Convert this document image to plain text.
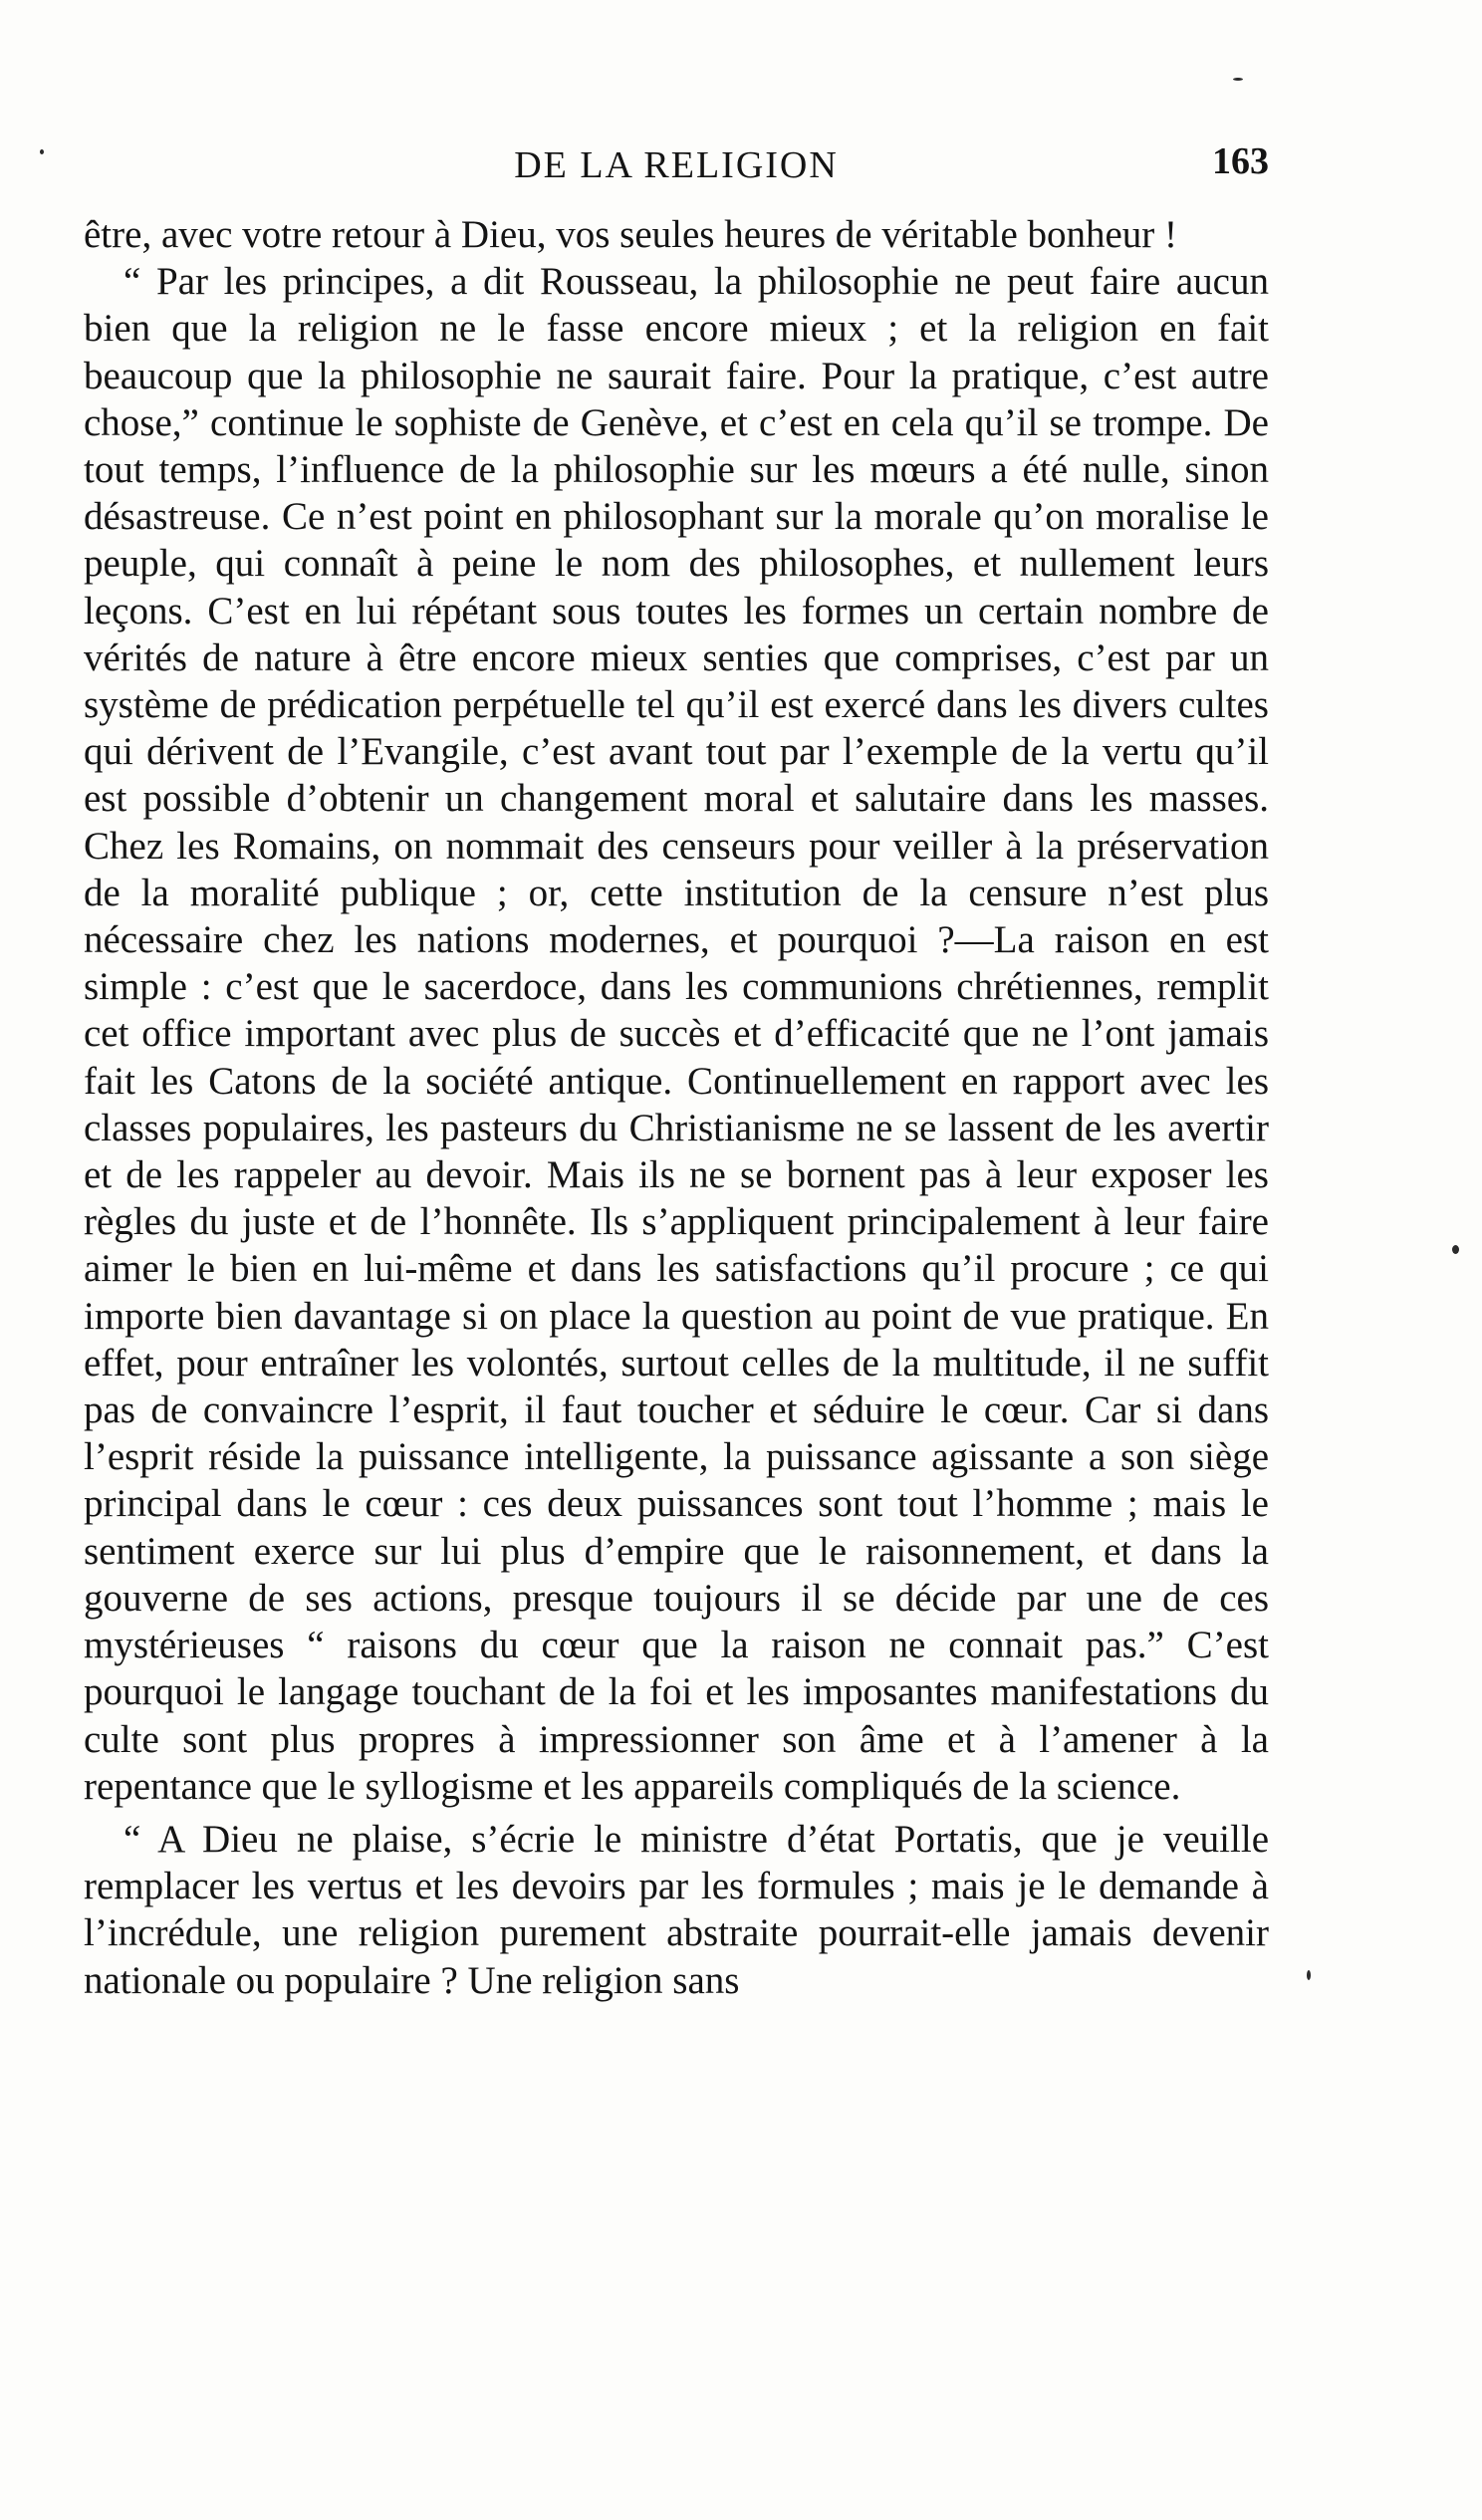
DE LA RELIGION	163

être, avec votre retour à Dieu, vos seules heures de véritable bonheur !

“ Par les principes, a dit Rousseau, la philosophie ne peut faire aucun bien que la religion ne le fasse encore mieux ; et la religion en fait beaucoup que la philosophie ne saurait faire. Pour la pratique, c’est autre chose,” continue le sophiste de Genève, et c’est en cela qu’il se trompe. De tout temps, l’influence de la philosophie sur les mœurs a été nulle, sinon désastreuse. Ce n’est point en philosophant sur la morale qu’on moralise le peuple, qui connaît à peine le nom des philosophes, et nullement leurs leçons. C’est en lui répétant sous toutes les formes un certain nombre de vérités de nature à être encore mieux senties que comprises, c’est par un système de prédication perpétuelle tel qu’il est exercé dans les divers cultes qui dérivent de l’Evangile, c’est avant tout par l’exemple de la vertu qu’il est possible d’obtenir un changement moral et salutaire dans les masses. Chez les Romains, on nommait des censeurs pour veiller à la préservation de la moralité publique ; or, cette institution de la censure n’est plus nécessaire chez les nations modernes, et pourquoi ?—La raison en est simple : c’est que le sacerdoce, dans les communions chrétiennes, remplit cet office important avec plus de succès et d’efficacité que ne l’ont jamais fait les Catons de la société antique. Continuellement en rapport avec les classes populaires, les pasteurs du Christianisme ne se lassent de les avertir et de les rappeler au devoir. Mais ils ne se bornent pas à leur exposer les règles du juste et de l’honnête. Ils s’appliquent principalement à leur faire aimer le bien en lui-même et dans les satisfactions qu’il procure ; ce qui importe bien davantage si on place la question au point de vue pratique. En effet, pour entraîner les volontés, surtout celles de la multitude, il ne suffit pas de convaincre l’esprit, il faut toucher et séduire le cœur. Car si dans l’esprit réside la puissance intelligente, la puissance agissante a son siège principal dans le cœur : ces deux puissances sont tout l’homme ; mais le sentiment exerce sur lui plus d’empire que le raisonnement, et dans la gouverne de ses actions, presque toujours il se décide par une de ces mystérieuses “ raisons du cœur que la raison ne connait pas.” C’est pourquoi le langage touchant de la foi et les imposantes manifestations du culte sont plus propres à impressionner son âme et à l’amener à la repentance que le syllogisme et les appareils compliqués de la science.

“ A Dieu ne plaise, s’écrie le ministre d’état Portatis, que je veuille remplacer les vertus et les devoirs par les formules ; mais je le demande à l’incrédule, une religion purement abstraite pourrait-elle jamais devenir nationale ou populaire ? Une religion sans
